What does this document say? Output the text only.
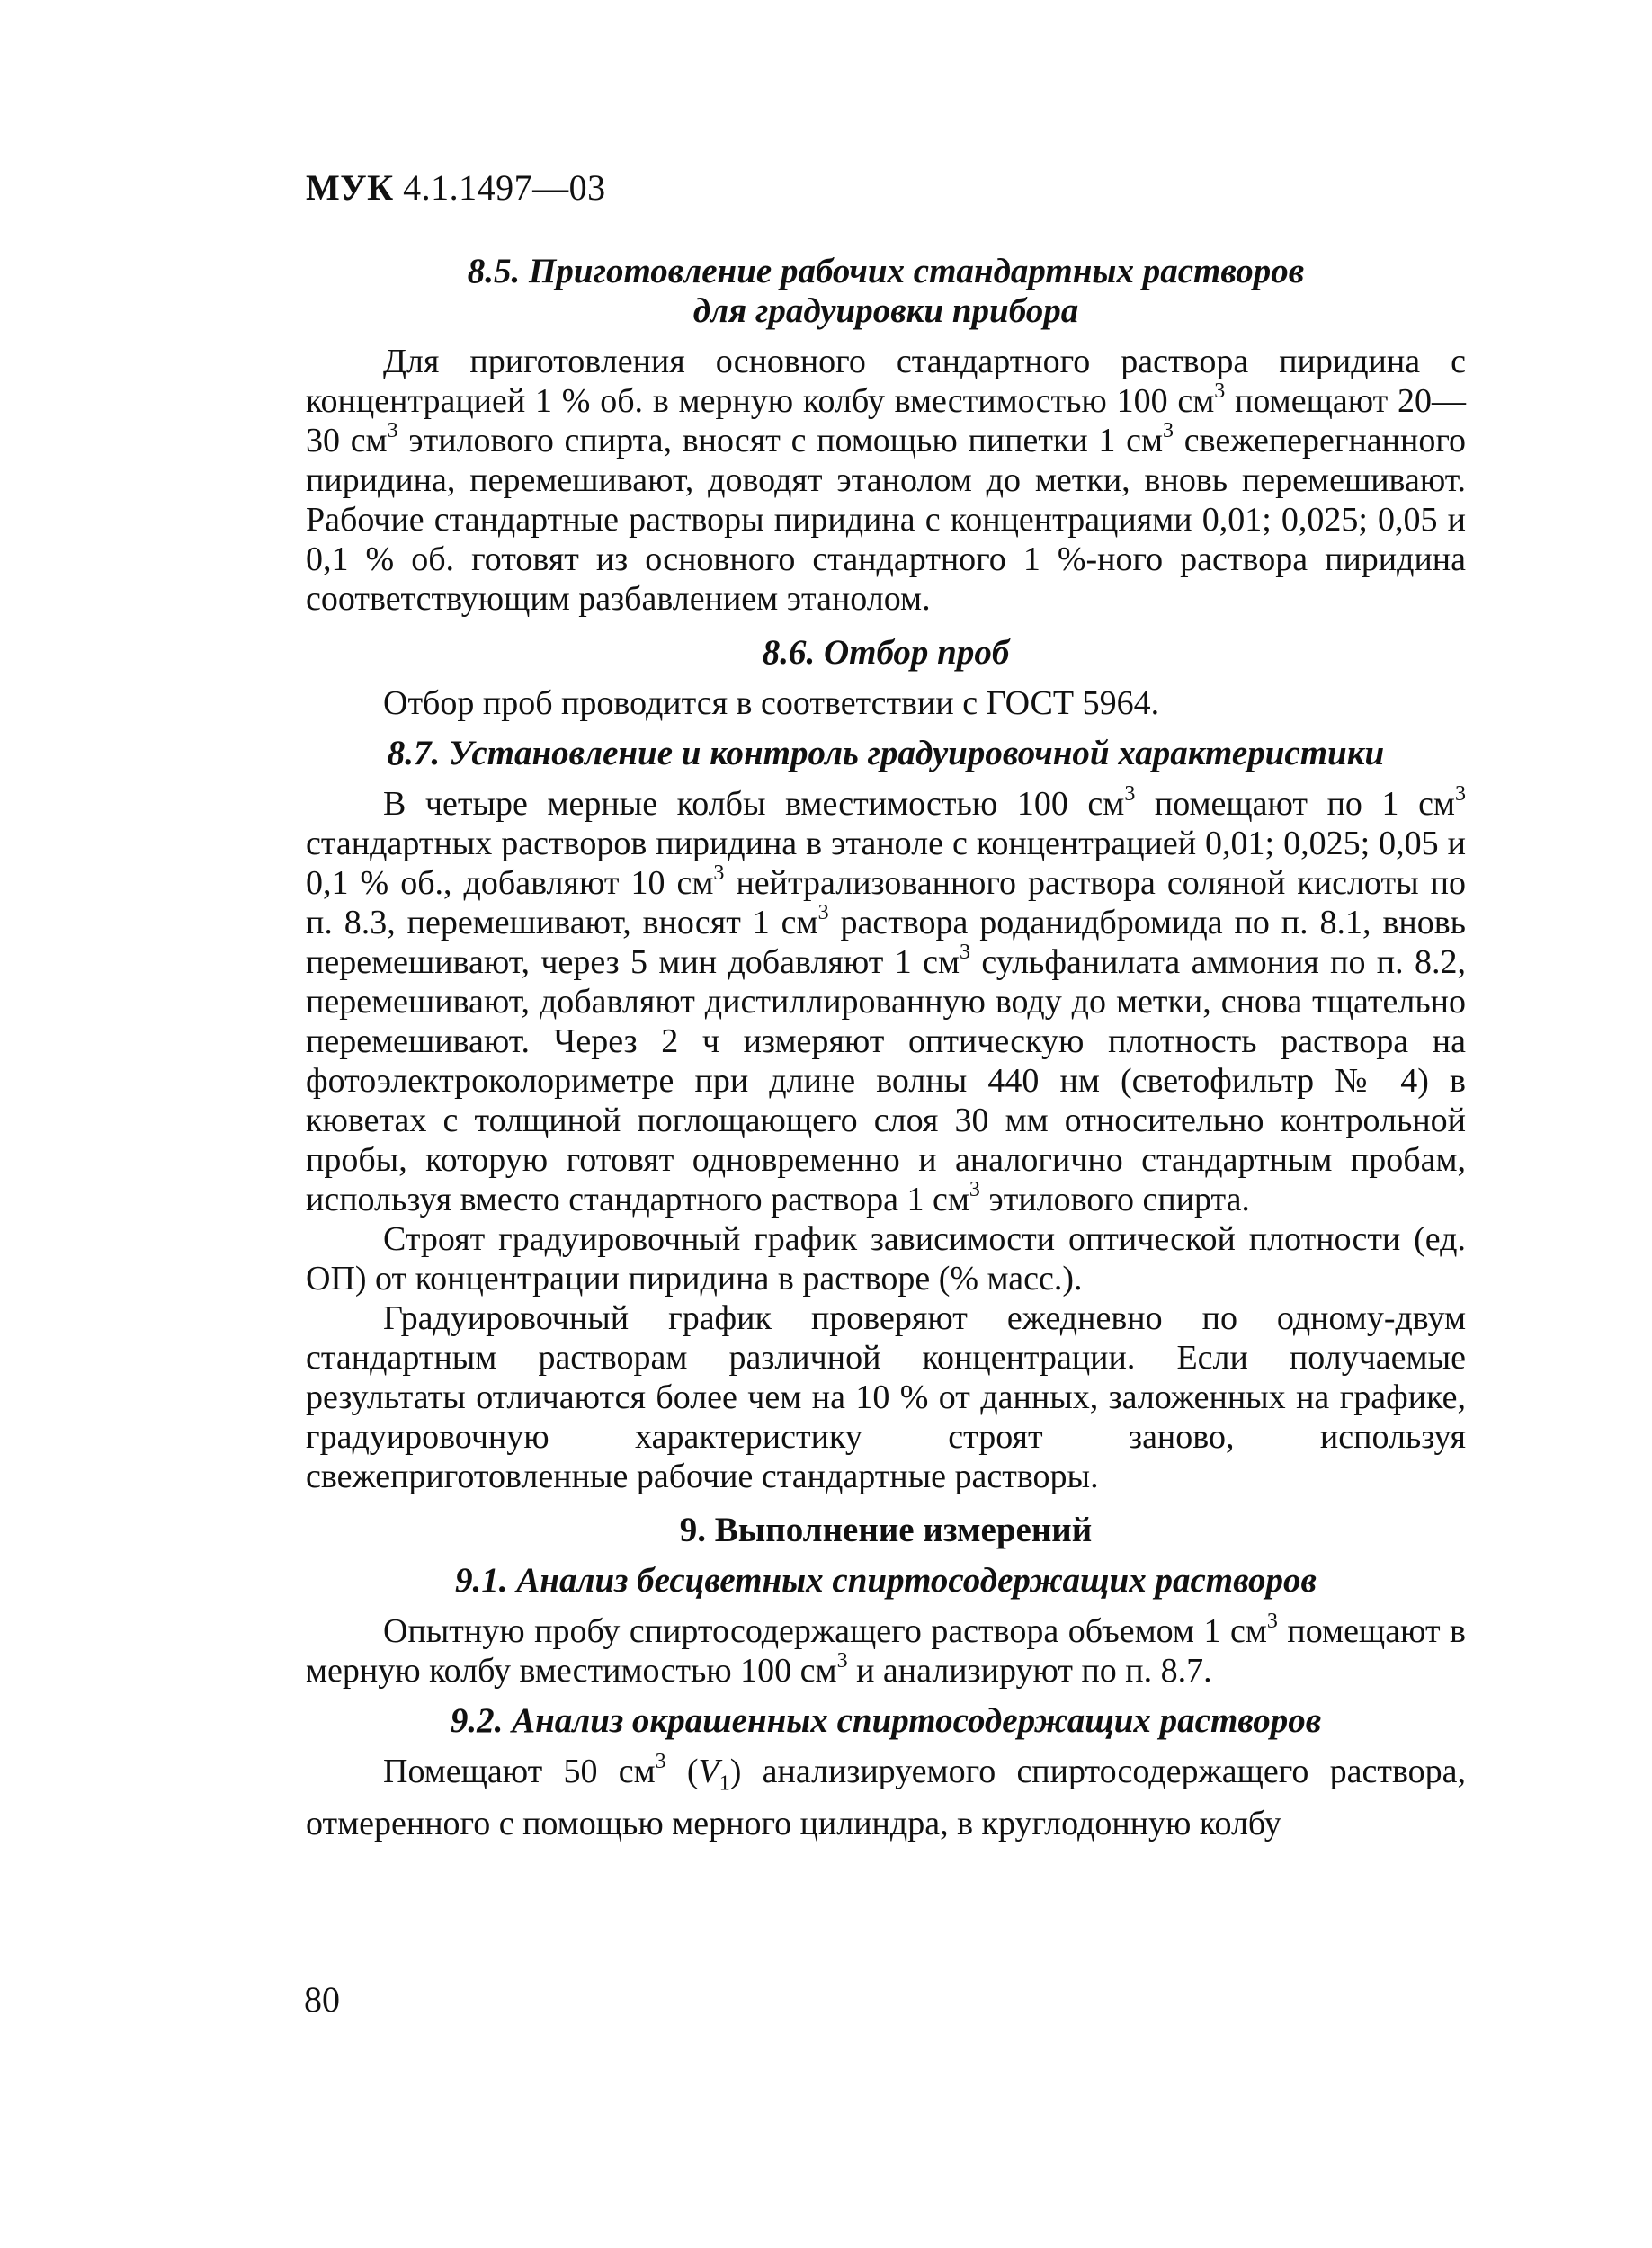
МУК 4.1.1497—03
8.5. Приготовление рабочих стандартных растворов
для градуировки прибора

Для приготовления основного стандартного раствора пиридина с концентрацией 1 % об. в мерную колбу вместимостью 100 $см^3$ помещают 20—30 $см^3$ этилового спирта, вносят с помощью пипетки 1 $см^3$ свежеперегнанного пиридина, перемешивают, доводят этанолом до метки, вновь перемешивают. Рабочие стандартные растворы пиридина с концентрациями 0,01; 0,025; 0,05 и 0,1 % об. готовят из основного стандартного 1 %-ного раствора пиридина соответствующим разбавлением этанолом.

8.6. Отбор проб

Отбор проб проводится в соответствии с ГОСТ 5964.

8.7. Установление и контроль градуировочной характеристики

В четыре мерные колбы вместимостью 100 $см^3$ помещают по 1 $см^3$ стандартных растворов пиридина в этаноле с концентрацией 0,01; 0,025; 0,05 и 0,1 % об., добавляют 10 $см^3$ нейтрализованного раствора соляной кислоты по п. 8.3, перемешивают, вносят 1 $см^3$ раствора роданидбромида по п. 8.1, вновь перемешивают, через 5 мин добавляют 1 $см^3$ сульфанилата аммония по п. 8.2, перемешивают, добавляют дистиллированную воду до метки, снова тщательно перемешивают. Через 2 ч измеряют оптическую плотность раствора на фотоэлектроколориметре при длине волны 440 нм (светофильтр № 4) в кюветах с толщиной поглощающего слоя 30 мм относительно контрольной пробы, которую готовят одновременно и аналогично стандартным пробам, используя вместо стандартного раствора 1 $см^3$ этилового спирта.

Строят градуировочный график зависимости оптической плотности (ед. ОП) от концентрации пиридина в растворе (% масс.).

Градуировочный график проверяют ежедневно по одному-двум стандартным растворам различной концентрации. Если получаемые результаты отличаются более чем на 10 % от данных, заложенных на графике, градуировочную характеристику строят заново, используя свежеприготовленные рабочие стандартные растворы.

9. Выполнение измерений
9.1. Анализ бесцветных спиртосодержащих растворов

Опытную пробу спиртосодержащего раствора объемом 1 $см^3$ помещают в мерную колбу вместимостью 100 $см^3$ и анализируют по п. 8.7.

9.2. Анализ окрашенных спиртосодержащих растворов

Помещают 50 $см^3$ $(V_1)$ анализируемого спиртосодержащего раствора, отмеренного с помощью мерного цилиндра, в круглодонную колбу

80
